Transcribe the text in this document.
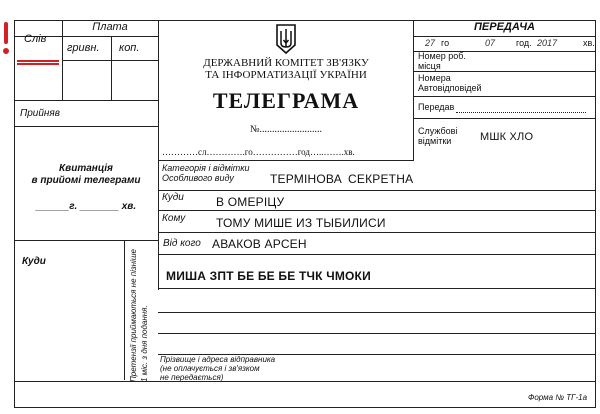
Плата
Слів
гривн. коп.
Прийняв
Квитанція
в прийомі телеграми
______г. _______ хв.
Куди	Претензії приймаються не пізніше 1 міс. з дня подання.
ДЕРЖАВНИЙ КОМІТЕТ ЗВ'ЯЗКУ
ТА ІНФОРМАТИЗАЦІЇ УКРАЇНИ
ТЕЛЕГРАМА
№.........................
…………сл………….го……………год…..…….хв.
ПЕРЕДАЧА
27 го	07 год. 2017	хв.
Номер роб. місця
Номера Автовідповідей
Передав
Службові відмітки	МШК ХЛО
Категорія і відмітки Особливого виду	ТЕРМІНОВА СЕКРЕТНА
Куди	В ОМЕРІЦУ
Кому	ТОМУ МИШЕ ИЗ ТЫБИЛИСИ
Від кого АВАКОВ АРСЕН
МИША ЗПТ БЕ БЕ БЕ ТЧК ЧМОКИ
Прізвище і адреса відправника
(не оплачується і зв'язком
не передається)
Форма № ТГ-1а
